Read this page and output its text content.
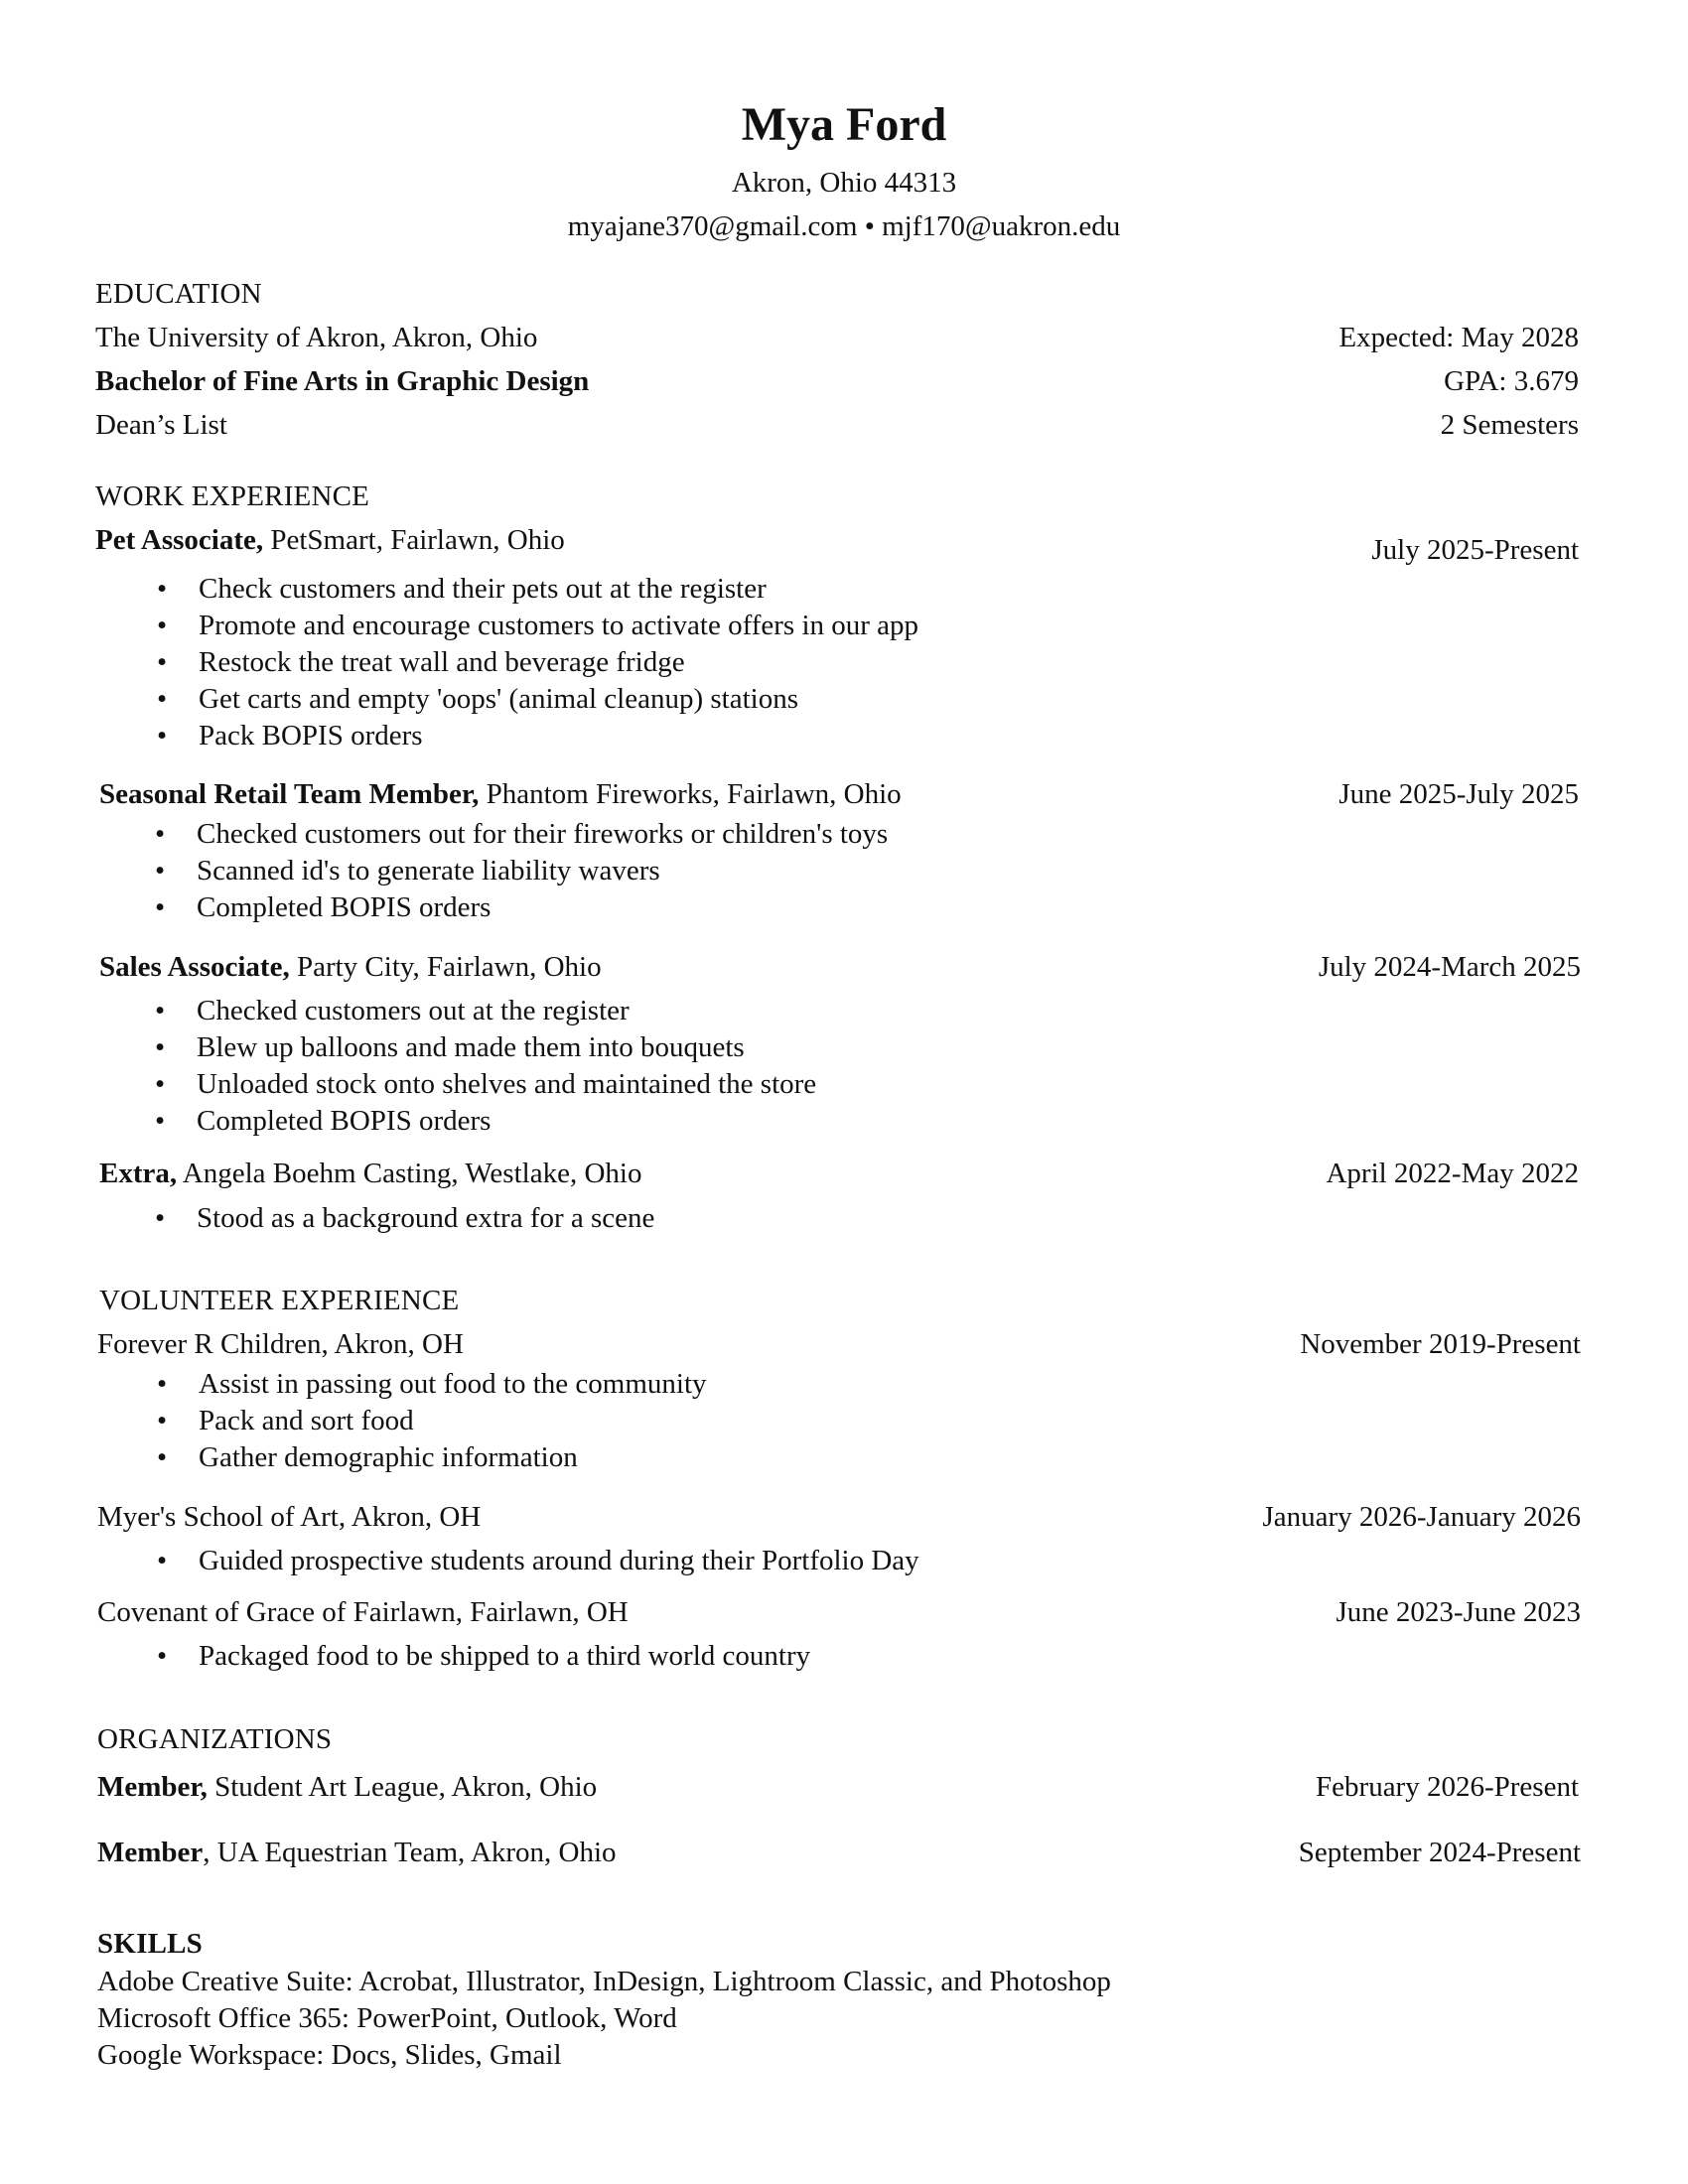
Mya Ford
Akron, Ohio 44313
myajane370@gmail.com • mjf170@uakron.edu
EDUCATION
The University of Akron, Akron, Ohio	Expected: May 2028
Bachelor of Fine Arts in Graphic Design	GPA: 3.679
Dean’s List	2 Semesters
WORK EXPERIENCE
Pet Associate, PetSmart, Fairlawn, Ohio	July 2025-Present
• Check customers and their pets out at the register
• Promote and encourage customers to activate offers in our app
• Restock the treat wall and beverage fridge
• Get carts and empty 'oops' (animal cleanup) stations
• Pack BOPIS orders
Seasonal Retail Team Member, Phantom Fireworks, Fairlawn, Ohio	June 2025-July 2025
• Checked customers out for their fireworks or children's toys
• Scanned id's to generate liability wavers
• Completed BOPIS orders
Sales Associate, Party City, Fairlawn, Ohio	July 2024-March 2025
• Checked customers out at the register
• Blew up balloons and made them into bouquets
• Unloaded stock onto shelves and maintained the store
• Completed BOPIS orders
Extra, Angela Boehm Casting, Westlake, Ohio	April 2022-May 2022
• Stood as a background extra for a scene
VOLUNTEER EXPERIENCE
Forever R Children, Akron, OH	November 2019-Present
• Assist in passing out food to the community
• Pack and sort food
• Gather demographic information
Myer's School of Art, Akron, OH	January 2026-January 2026
• Guided prospective students around during their Portfolio Day
Covenant of Grace of Fairlawn, Fairlawn, OH	June 2023-June 2023
• Packaged food to be shipped to a third world country
ORGANIZATIONS
Member, Student Art League, Akron, Ohio	February 2026-Present
Member, UA Equestrian Team, Akron, Ohio	September 2024-Present
SKILLS
Adobe Creative Suite: Acrobat, Illustrator, InDesign, Lightroom Classic, and Photoshop
Microsoft Office 365: PowerPoint, Outlook, Word
Google Workspace: Docs, Slides, Gmail
